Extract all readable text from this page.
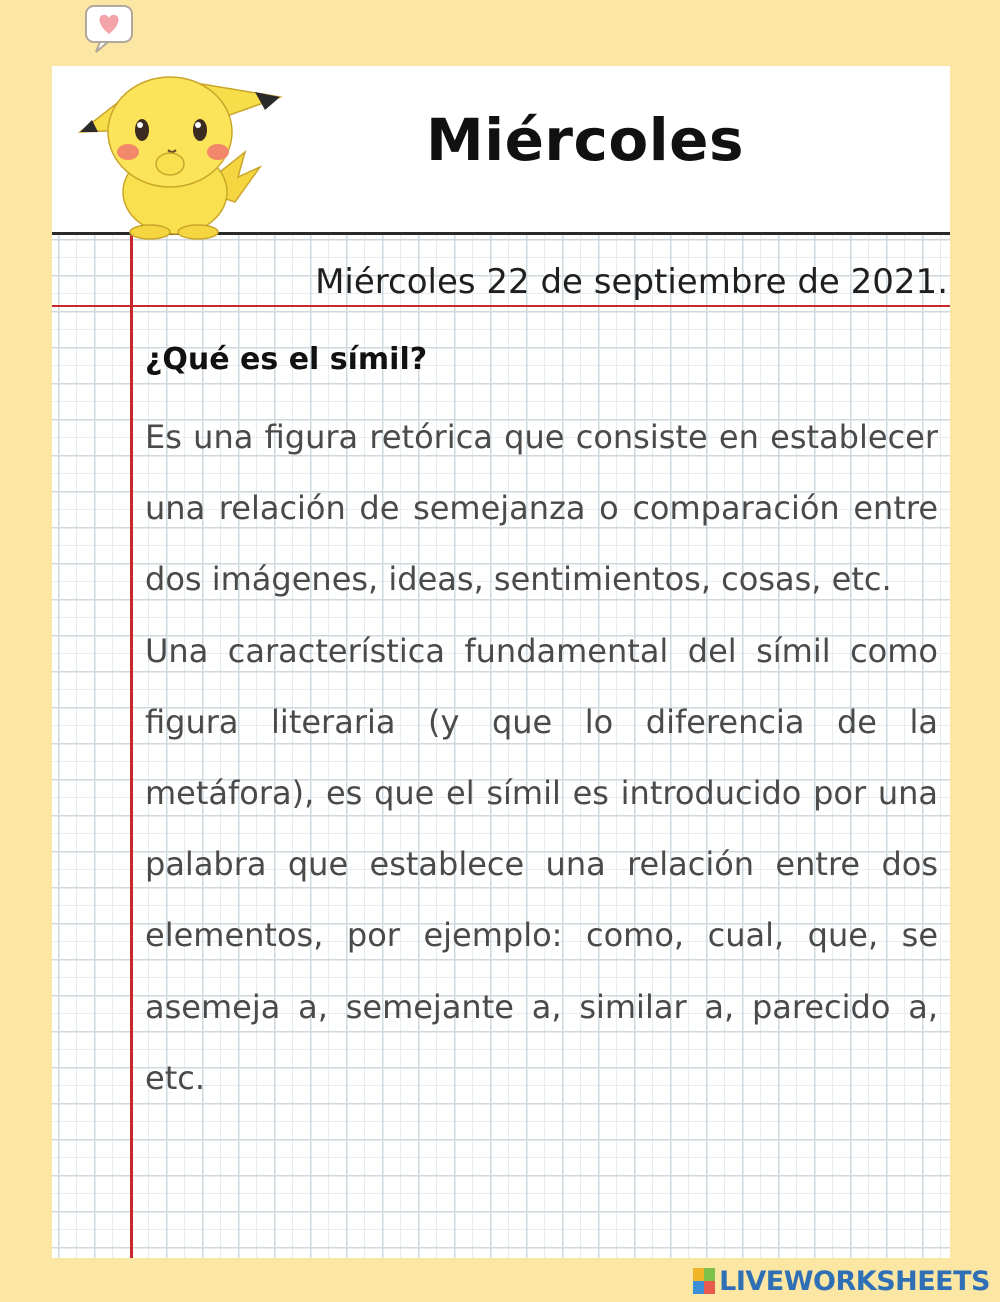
Miércoles
Miércoles 22 de septiembre de 2021.
¿Qué es el símil?

Es una figura retórica que consiste en establecer una relación de semejanza o comparación entre dos imágenes, ideas, sentimientos, cosas, etc.

Una característica fundamental del símil como figura literaria (y que lo diferencia de la metáfora), es que el símil es introducido por una palabra que establece una relación entre dos elementos, por ejemplo: como, cual, que, se asemeja a, semejante a, similar a, parecido a, etc.

LIVEWORKSHEETS
